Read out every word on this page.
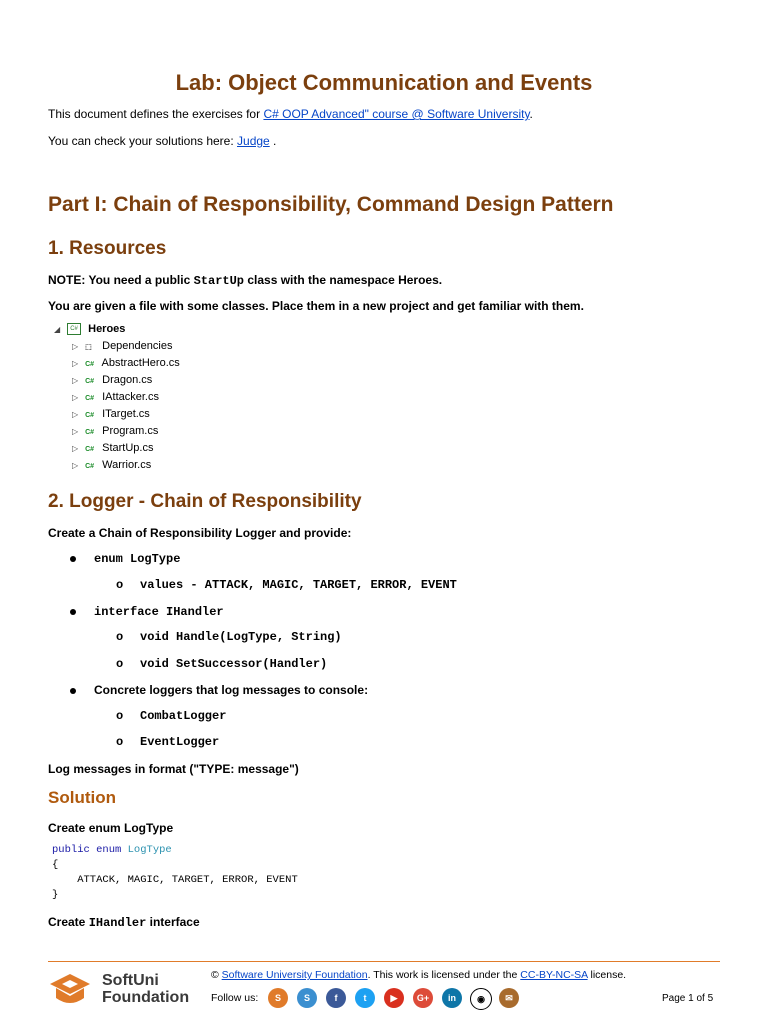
Lab: Object Communication and Events
This document defines the exercises for C# OOP Advanced" course @ Software University.
You can check your solutions here: Judge .
Part I: Chain of Responsibility, Command Design Pattern
1. Resources
NOTE: You need a public StartUp class with the namespace Heroes.
You are given a file with some classes. Place them in a new project and get familiar with them.
◢ C# Heroes
▷ ⬚ Dependencies
▷ C# AbstractHero.cs
▷ C# Dragon.cs
▷ C# IAttacker.cs
▷ C# ITarget.cs
▷ C# Program.cs
▷ C# StartUp.cs
▷ C# Warrior.cs
2. Logger - Chain of Responsibility
Create a Chain of Responsibility Logger and provide:
enum LogType
o values - ATTACK, MAGIC, TARGET, ERROR, EVENT
interface IHandler
o void Handle(LogType, String)
o void SetSuccessor(Handler)
Concrete loggers that log messages to console:
o CombatLogger
o EventLogger
Log messages in format ("TYPE: message")
Solution
Create enum LogType
public enum LogType
{
ATTACK, MAGIC, TARGET, ERROR, EVENT
}
Create IHandler interface
SoftUni
Foundation
© Software University Foundation. This work is licensed under the CC-BY-NC-SA license.
Follow us:	S	S	f	t	▶	G+	in	◉	✉	Page 1 of 5
